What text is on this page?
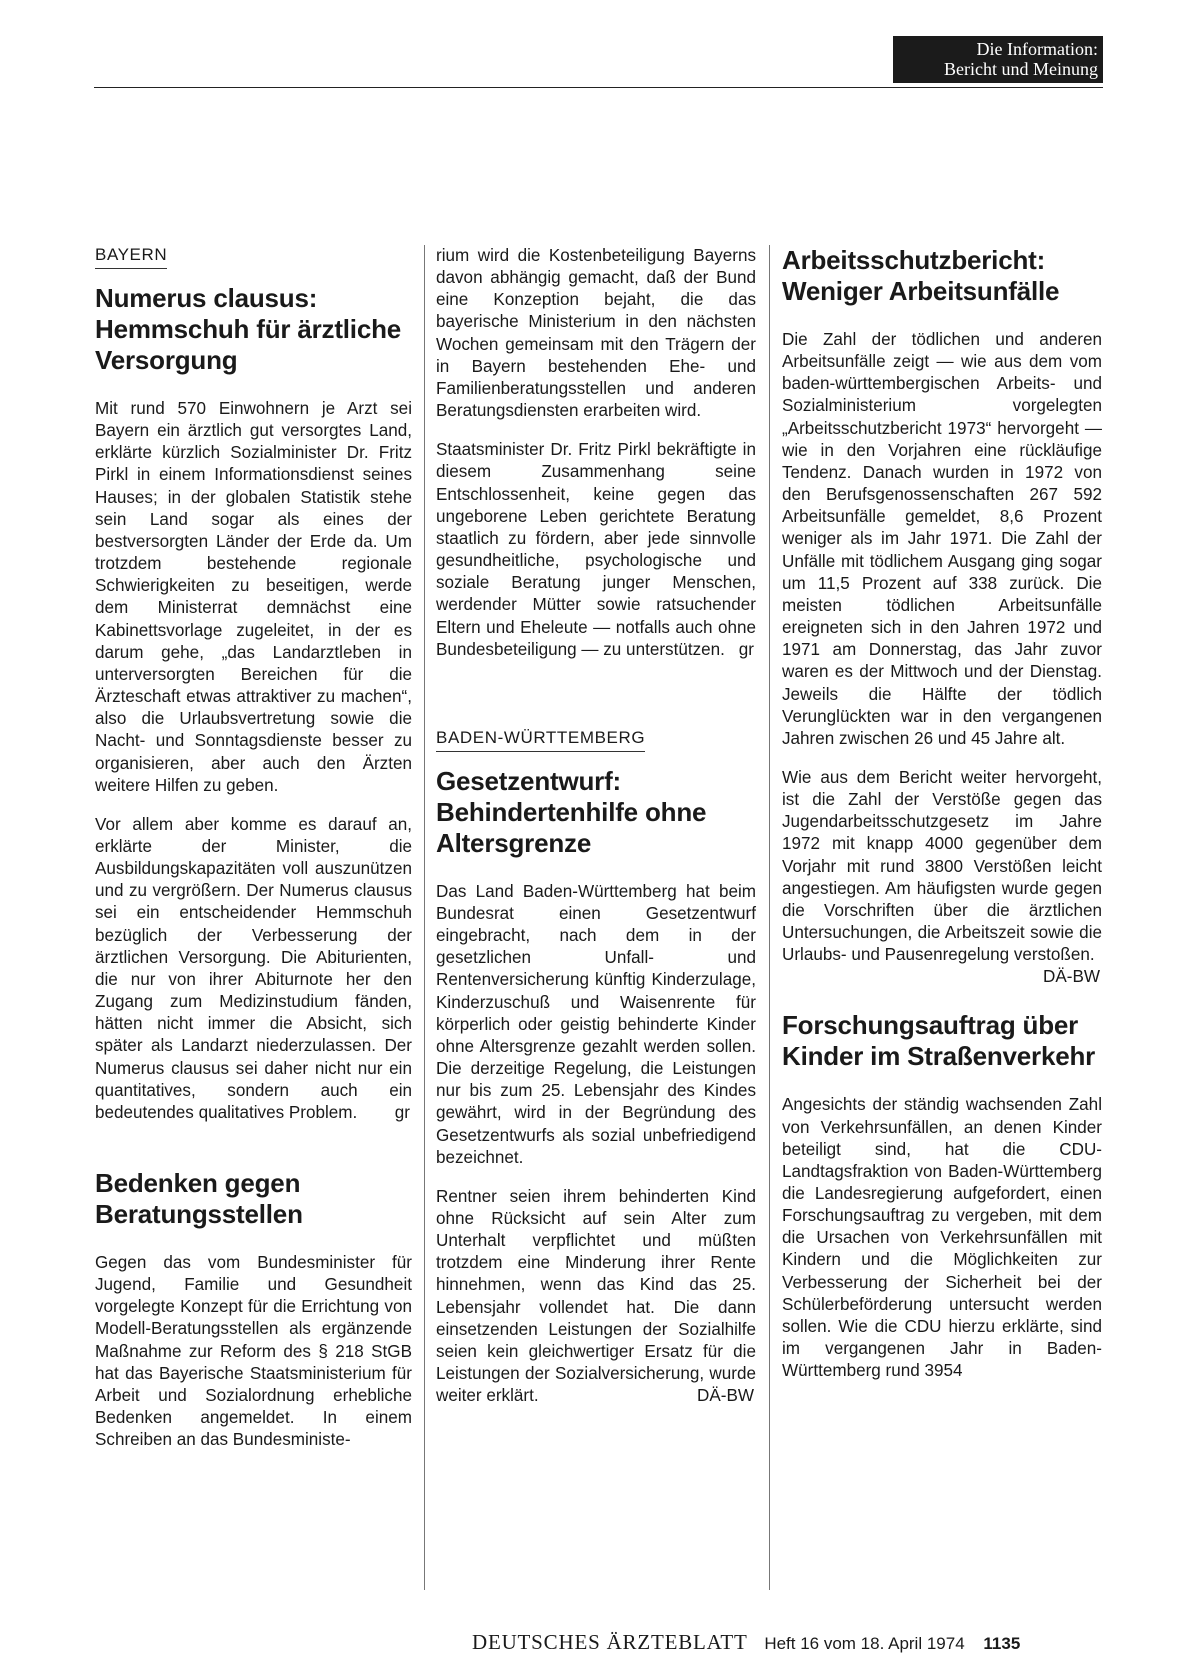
Die Information:
Bericht und Meinung
BAYERN
Numerus clausus: Hemmschuh für ärztliche Versorgung

Mit rund 570 Einwohnern je Arzt sei Bayern ein ärztlich gut versorgtes Land, erklärte kürzlich Sozialminister Dr. Fritz Pirkl in einem Informationsdienst seines Hauses; in der globalen Statistik stehe sein Land sogar als eines der bestversorgten Länder der Erde da. Um trotzdem bestehende regionale Schwierigkeiten zu beseitigen, werde dem Ministerrat demnächst eine Kabinettsvorlage zugeleitet, in der es darum gehe, „das Landarztleben in unterversorgten Bereichen für die Ärzteschaft etwas attraktiver zu machen“, also die Urlaubsvertretung sowie die Nacht- und Sonntagsdienste besser zu organisieren, aber auch den Ärzten weitere Hilfen zu geben.

Vor allem aber komme es darauf an, erklärte der Minister, die Ausbildungskapazitäten voll auszunützen und zu vergrößern. Der Numerus clausus sei ein entscheidender Hemmschuh bezüglich der Verbesserung der ärztlichen Versorgung. Die Abiturienten, die nur von ihrer Abiturnote her den Zugang zum Medizinstudium fänden, hätten nicht immer die Absicht, sich später als Landarzt niederzulassen. Der Numerus clausus sei daher nicht nur ein quantitatives, sondern auch ein bedeutendes qualitatives Problem. gr

Bedenken gegen Beratungsstellen

Gegen das vom Bundesminister für Jugend, Familie und Gesundheit vorgelegte Konzept für die Errichtung von Modell-Beratungsstellen als ergänzende Maßnahme zur Reform des § 218 StGB hat das Bayerische Staatsministerium für Arbeit und Sozialordnung erhebliche Bedenken angemeldet. In einem Schreiben an das Bundesministe-

rium wird die Kostenbeteiligung Bayerns davon abhängig gemacht, daß der Bund eine Konzeption bejaht, die das bayerische Ministerium in den nächsten Wochen gemeinsam mit den Trägern der in Bayern bestehenden Ehe- und Familienberatungsstellen und anderen Beratungsdiensten erarbeiten wird.

Staatsminister Dr. Fritz Pirkl bekräftigte in diesem Zusammenhang seine Entschlossenheit, keine gegen das ungeborene Leben gerichtete Beratung staatlich zu fördern, aber jede sinnvolle gesundheitliche, psychologische und soziale Beratung junger Menschen, werdender Mütter sowie ratsuchender Eltern und Eheleute — notfalls auch ohne Bundesbeteiligung — zu unterstützen. gr

BADEN-WÜRTTEMBERG
Gesetzentwurf: Behindertenhilfe ohne Altersgrenze

Das Land Baden-Württemberg hat beim Bundesrat einen Gesetzentwurf eingebracht, nach dem in der gesetzlichen Unfall- und Rentenversicherung künftig Kinderzulage, Kinderzuschuß und Waisenrente für körperlich oder geistig behinderte Kinder ohne Altersgrenze gezahlt werden sollen. Die derzeitige Regelung, die Leistungen nur bis zum 25. Lebensjahr des Kindes gewährt, wird in der Begründung des Gesetzentwurfs als sozial unbefriedigend bezeichnet.

Rentner seien ihrem behinderten Kind ohne Rücksicht auf sein Alter zum Unterhalt verpflichtet und müßten trotzdem eine Minderung ihrer Rente hinnehmen, wenn das Kind das 25. Lebensjahr vollendet hat. Die dann einsetzenden Leistungen der Sozialhilfe seien kein gleichwertiger Ersatz für die Leistungen der Sozialversicherung, wurde weiter erklärt.	DÄ-BW

Arbeitsschutzbericht: Weniger Arbeitsunfälle

Die Zahl der tödlichen und anderen Arbeitsunfälle zeigt — wie aus dem vom baden-württembergischen Arbeits- und Sozialministerium vorgelegten „Arbeitsschutzbericht 1973“ hervorgeht — wie in den Vorjahren eine rückläufige Tendenz. Danach wurden in 1972 von den Berufsgenossenschaften 267 592 Arbeitsunfälle gemeldet, 8,6 Prozent weniger als im Jahr 1971. Die Zahl der Unfälle mit tödlichem Ausgang ging sogar um 11,5 Prozent auf 338 zurück. Die meisten tödlichen Arbeitsunfälle ereigneten sich in den Jahren 1972 und 1971 am Donnerstag, das Jahr zuvor waren es der Mittwoch und der Dienstag. Jeweils die Hälfte der tödlich Verunglückten war in den vergangenen Jahren zwischen 26 und 45 Jahre alt.

Wie aus dem Bericht weiter hervorgeht, ist die Zahl der Verstöße gegen das Jugendarbeitsschutzgesetz im Jahre 1972 mit knapp 4000 gegenüber dem Vorjahr mit rund 3800 Verstößen leicht angestiegen. Am häufigsten wurde gegen die Vorschriften über die ärztlichen Untersuchungen, die Arbeitszeit sowie die Urlaubs- und Pausenregelung verstoßen.
DÄ-BW

Forschungsauftrag über Kinder im Straßenverkehr

Angesichts der ständig wachsenden Zahl von Verkehrsunfällen, an denen Kinder beteiligt sind, hat die CDU-Landtagsfraktion von Baden-Württemberg die Landesregierung aufgefordert, einen Forschungsauftrag zu vergeben, mit dem die Ursachen von Verkehrsunfällen mit Kindern und die Möglichkeiten zur Verbesserung der Sicherheit bei der Schülerbeförderung untersucht werden sollen. Wie die CDU hierzu erklärte, sind im vergangenen Jahr in Baden-Württemberg rund 3954

DEUTSCHES ÄRZTEBLATT Heft 16 vom 18. April 1974 1135
